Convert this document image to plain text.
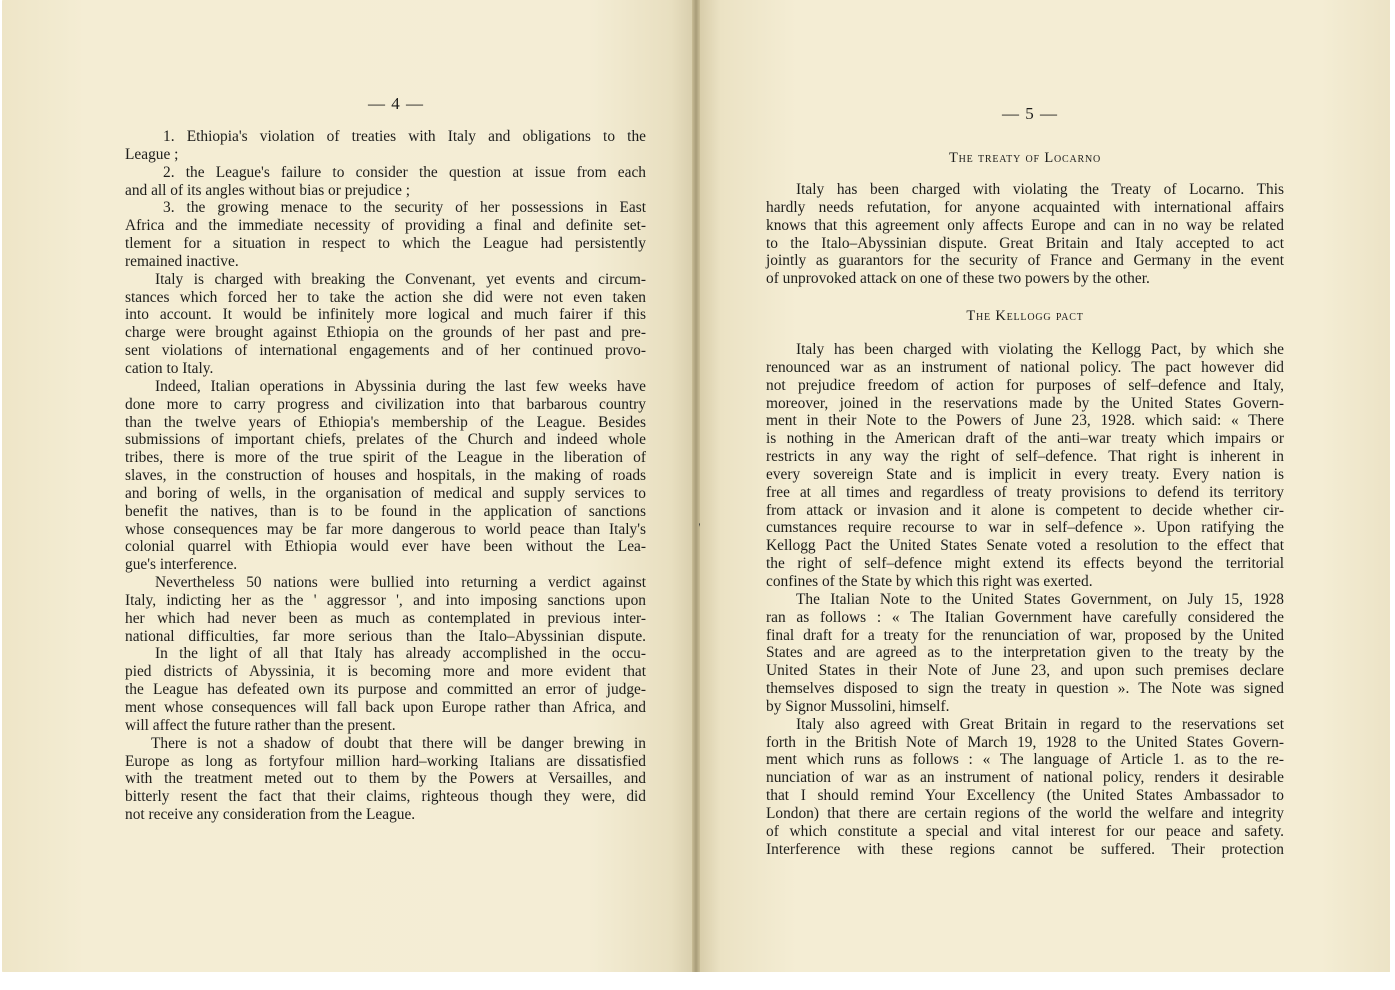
— 4 —
1. Ethiopia's violation of treaties with Italy and obligations to the
League ;
2. the League's failure to consider the question at issue from each
and all of its angles without bias or prejudice ;
3. the growing menace to the security of her possessions in East
Africa and the immediate necessity of providing a final and definite set-
tlement for a situation in respect to which the League had persistently
remained inactive.
Italy is charged with breaking the Convenant, yet events and circum-
stances which forced her to take the action she did were not even taken
into account. It would be infinitely more logical and much fairer if this
charge were brought against Ethiopia on the grounds of her past and pre-
sent violations of international engagements and of her continued provo-
cation to Italy.
Indeed, Italian operations in Abyssinia during the last few weeks have
done more to carry progress and civilization into that barbarous country
than the twelve years of Ethiopia's membership of the League. Besides
submissions of important chiefs, prelates of the Church and indeed whole
tribes, there is more of the true spirit of the League in the liberation of
slaves, in the construction of houses and hospitals, in the making of roads
and boring of wells, in the organisation of medical and supply services to
benefit the natives, than is to be found in the application of sanctions
whose consequences may be far more dangerous to world peace than Italy's
colonial quarrel with Ethiopia would ever have been without the Lea-
gue's interference.
Nevertheless 50 nations were bullied into returning a verdict against
Italy, indicting her as the ' aggressor ', and into imposing sanctions upon
her which had never been as much as contemplated in previous inter-
national difficulties, far more serious than the Italo–Abyssinian dispute.
In the light of all that Italy has already accomplished in the occu-
pied districts of Abyssinia, it is becoming more and more evident that
the League has defeated own its purpose and committed an error of judge-
ment whose consequences will fall back upon Europe rather than Africa, and
will affect the future rather than the present.
There is not a shadow of doubt that there will be danger brewing in
Europe as long as fortyfour million hard–working Italians are dissatisfied
with the treatment meted out to them by the Powers at Versailles, and
bitterly resent the fact that their claims, righteous though they were, did
not receive any consideration from the League.
— 5 —
The treaty of Locarno
Italy has been charged with violating the Treaty of Locarno. This
hardly needs refutation, for anyone acquainted with international affairs
knows that this agreement only affects Europe and can in no way be related
to the Italo–Abyssinian dispute. Great Britain and Italy accepted to act
jointly as guarantors for the security of France and Germany in the event
of unprovoked attack on one of these two powers by the other.
The Kellogg pact
Italy has been charged with violating the Kellogg Pact, by which she
renounced war as an instrument of national policy. The pact however did
not prejudice freedom of action for purposes of self–defence and Italy,
moreover, joined in the reservations made by the United States Govern-
ment in their Note to the Powers of June 23, 1928. which said: « There
is nothing in the American draft of the anti–war treaty which impairs or
restricts in any way the right of self–defence. That right is inherent in
every sovereign State and is implicit in every treaty. Every nation is
free at all times and regardless of treaty provisions to defend its territory
from attack or invasion and it alone is competent to decide whether cir-
cumstances require recourse to war in self–defence ». Upon ratifying the
Kellogg Pact the United States Senate voted a resolution to the effect that
the right of self–defence might extend its effects beyond the territorial
confines of the State by which this right was exerted.
The Italian Note to the United States Government, on July 15, 1928
ran as follows : « The Italian Government have carefully considered the
final draft for a treaty for the renunciation of war, proposed by the United
States and are agreed as to the interpretation given to the treaty by the
United States in their Note of June 23, and upon such premises declare
themselves disposed to sign the treaty in question ». The Note was signed
by Signor Mussolini, himself.
Italy also agreed with Great Britain in regard to the reservations set
forth in the British Note of March 19, 1928 to the United States Govern-
ment which runs as follows : « The language of Article 1. as to the re-
nunciation of war as an instrument of national policy, renders it desirable
that I should remind Your Excellency (the United States Ambassador to
London) that there are certain regions of the world the welfare and integrity
of which constitute a special and vital interest for our peace and safety.
Interference with these regions cannot be suffered. Their protection
